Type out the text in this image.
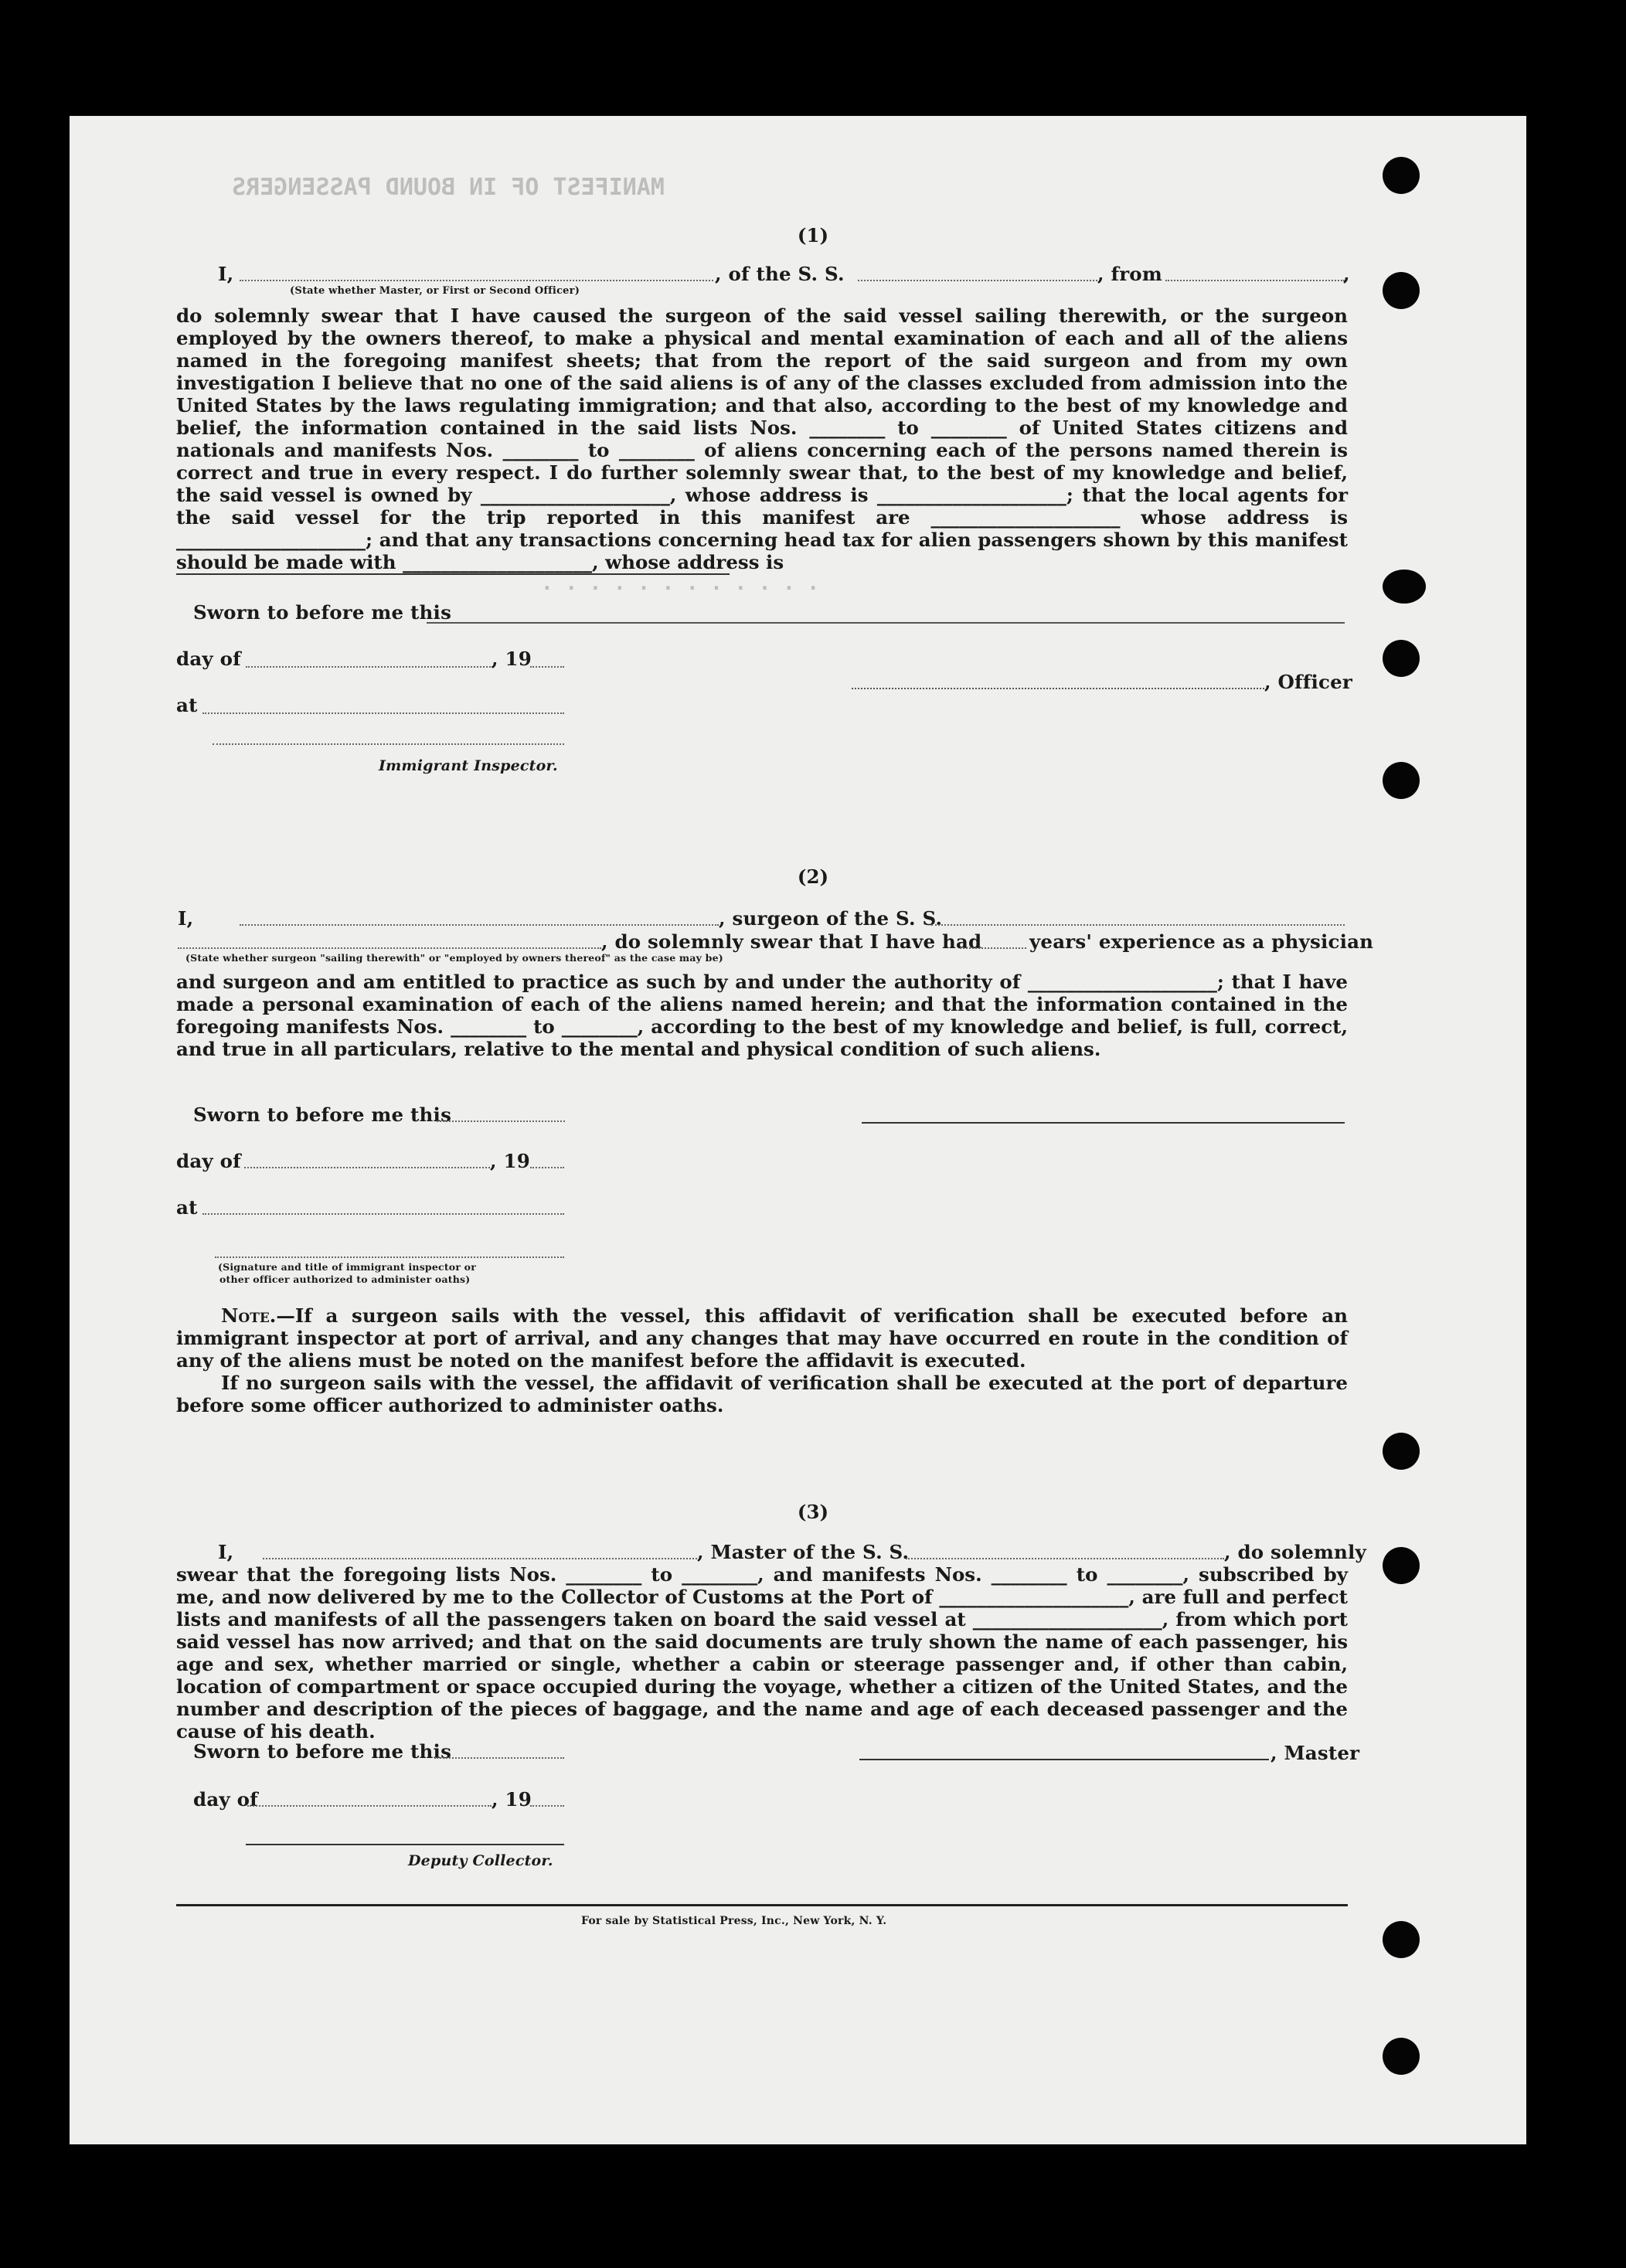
MANIFEST OF IN BOUND PASSENGERS
. . . . . . . . . . . .
(1)
I,
(State whether Master, or First or Second Officer)
, of the S. S.	, from	,
do solemnly swear that I have caused the surgeon of the said vessel sailing therewith, or the surgeon employed by the owners thereof, to make a physical and mental examination of each and all of the aliens named in the foregoing manifest sheets; that from the report of the said surgeon and from my own investigation I believe that no one of the said aliens is of any of the classes excluded from admission into the United States by the laws regulating immigration; and that also, according to the best of my knowledge and belief, the information contained in the said lists Nos. ________ to ________ of United States citizens and nationals and manifests Nos. ________ to ________ of aliens concerning each of the persons named therein is correct and true in every respect. I do further solemnly swear that, to the best of my knowledge and belief, the said vessel is owned by ____________________, whose address is ____________________; that the local agents for the said vessel for the trip reported in this manifest are ____________________ whose address is ____________________; and that any transactions concerning head tax for alien passengers shown by this manifest should be made with ____________________, whose address is
Sworn to before me this
day of	, 19
, Officer
at
Immigrant Inspector.
(2)
I,	, surgeon of the S. S.
, do solemnly swear that I have had	years' experience as a physician
(State whether surgeon "sailing therewith" or "employed by owners thereof" as the case may be)
and surgeon and am entitled to practice as such by and under the authority of ____________________; that I have made a personal examination of each of the aliens named herein; and that the information contained in the foregoing manifests Nos. ________ to ________, according to the best of my knowledge and belief, is full, correct, and true in all particulars, relative to the mental and physical condition of such aliens.
Sworn to before me this
day of	, 19
at
(Signature and title of immigrant inspector or
other officer authorized to administer oaths)

Note.—If a surgeon sails with the vessel, this affidavit of verification shall be executed before an immigrant inspector at port of arrival, and any changes that may have occurred en route in the condition of any of the aliens must be noted on the manifest before the affidavit is executed.

If no surgeon sails with the vessel, the affidavit of verification shall be executed at the port of departure before some officer authorized to administer oaths.

(3)
I,	, Master of the S. S.	, do solemnly
swear that the foregoing lists Nos. ________ to ________, and manifests Nos. ________ to ________, subscribed by me, and now delivered by me to the Collector of Customs at the Port of ____________________, are full and perfect lists and manifests of all the passengers taken on board the said vessel at ____________________, from which port said vessel has now arrived; and that on the said documents are truly shown the name of each passenger, his age and sex, whether married or single, whether a cabin or steerage passenger and, if other than cabin, location of compartment or space occupied during the voyage, whether a citizen of the United States, and the number and description of the pieces of baggage, and the name and age of each deceased passenger and the cause of his death.
Sworn to before me this	, Master
day of	, 19
Deputy Collector.
For sale by Statistical Press, Inc., New York, N. Y.
